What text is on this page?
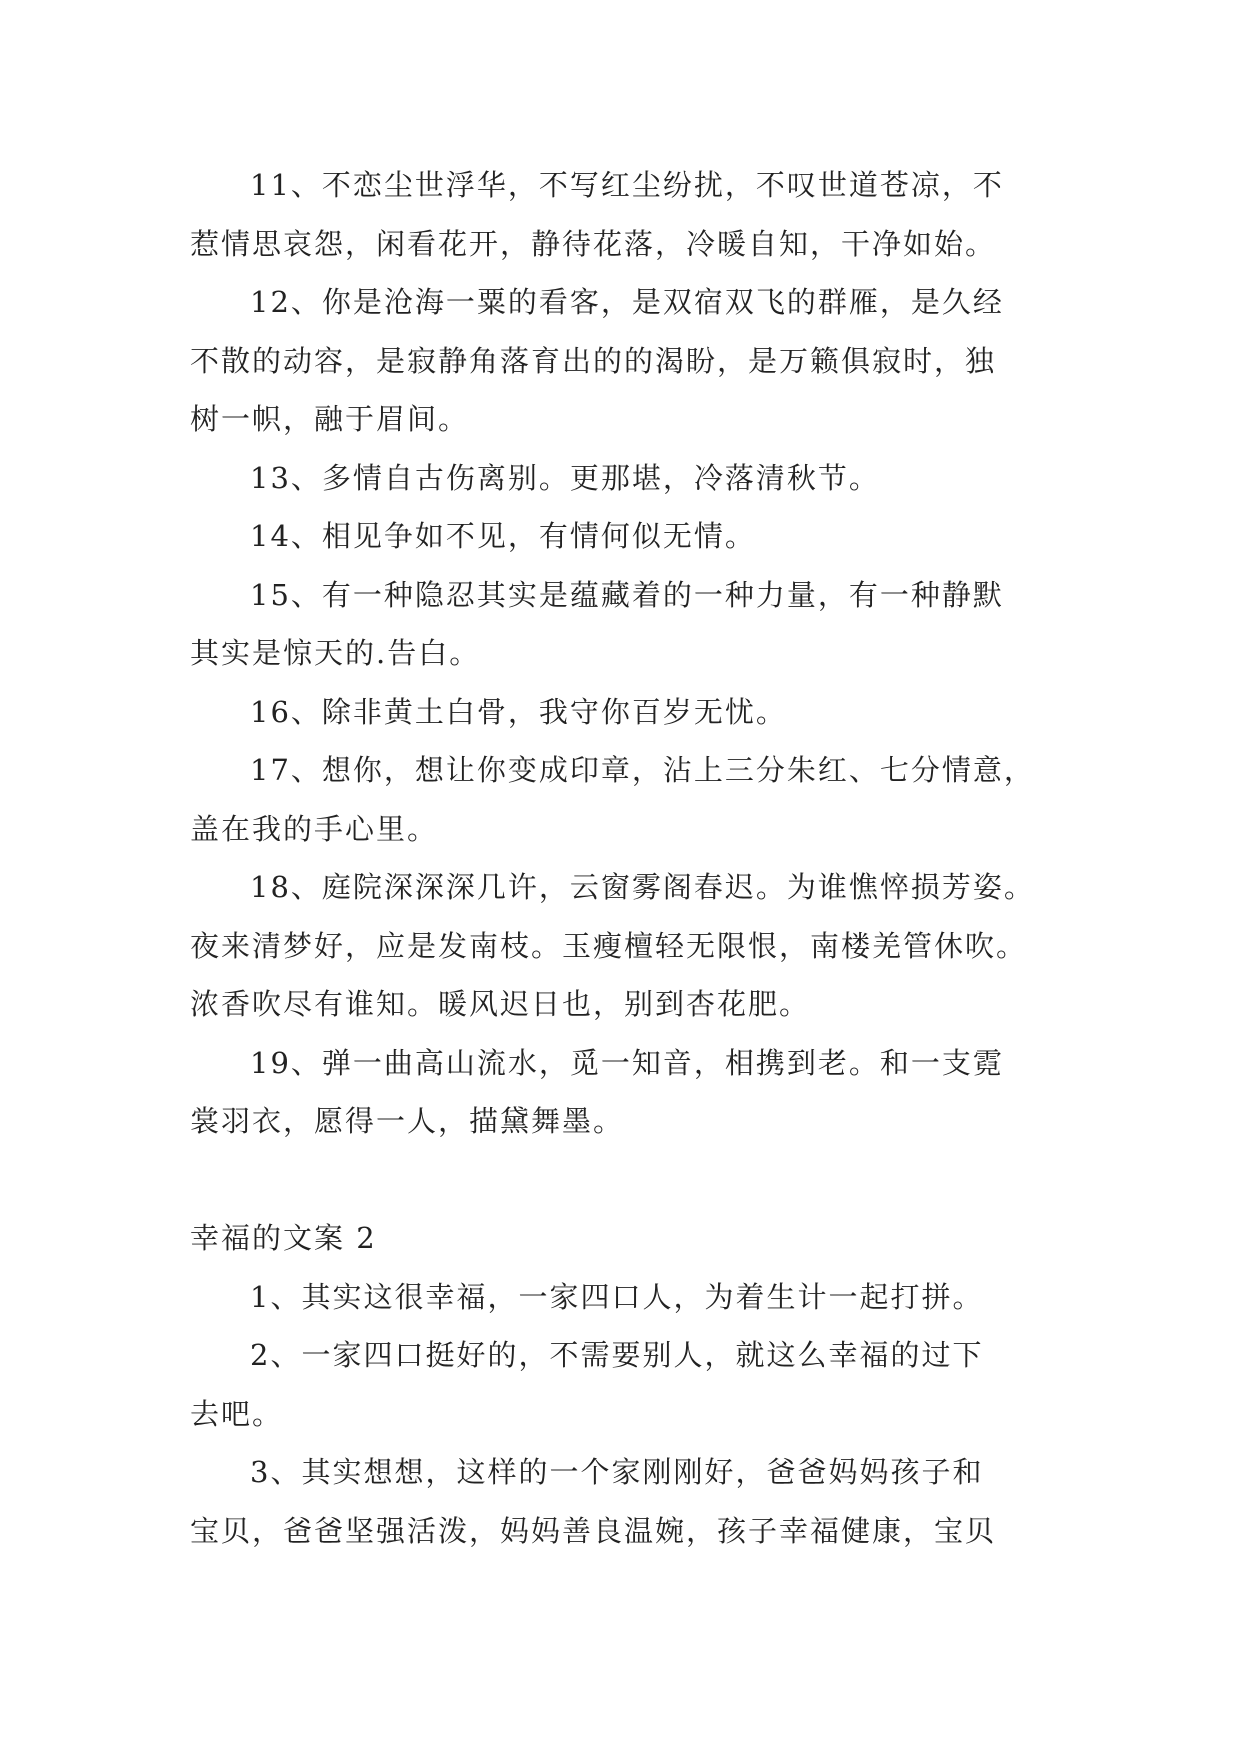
11、不恋尘世浮华，不写红尘纷扰，不叹世道苍凉，不
惹情思哀怨，闲看花开，静待花落，冷暖自知，干净如始。
12、你是沧海一粟的看客，是双宿双飞的群雁，是久经
不散的动容，是寂静角落育出的的渴盼，是万籁俱寂时，独
树一帜，融于眉间。
13、多情自古伤离别。更那堪，冷落清秋节。
14、相见争如不见，有情何似无情。
15、有一种隐忍其实是蕴藏着的一种力量，有一种静默
其实是惊天的.告白。
16、除非黄土白骨，我守你百岁无忧。
17、想你，想让你变成印章，沾上三分朱红、七分情意，
盖在我的手心里。
18、庭院深深深几许，云窗雾阁春迟。为谁憔悴损芳姿。
夜来清梦好，应是发南枝。玉瘦檀轻无限恨，南楼羌管休吹。
浓香吹尽有谁知。暖风迟日也，别到杏花肥。
19、弹一曲高山流水，觅一知音，相携到老。和一支霓
裳羽衣，愿得一人，描黛舞墨。
幸福的文案 2
1、其实这很幸福，一家四口人，为着生计一起打拼。
2、一家四口挺好的，不需要别人，就这么幸福的过下
去吧。
3、其实想想，这样的一个家刚刚好，爸爸妈妈孩子和
宝贝，爸爸坚强活泼，妈妈善良温婉，孩子幸福健康，宝贝
